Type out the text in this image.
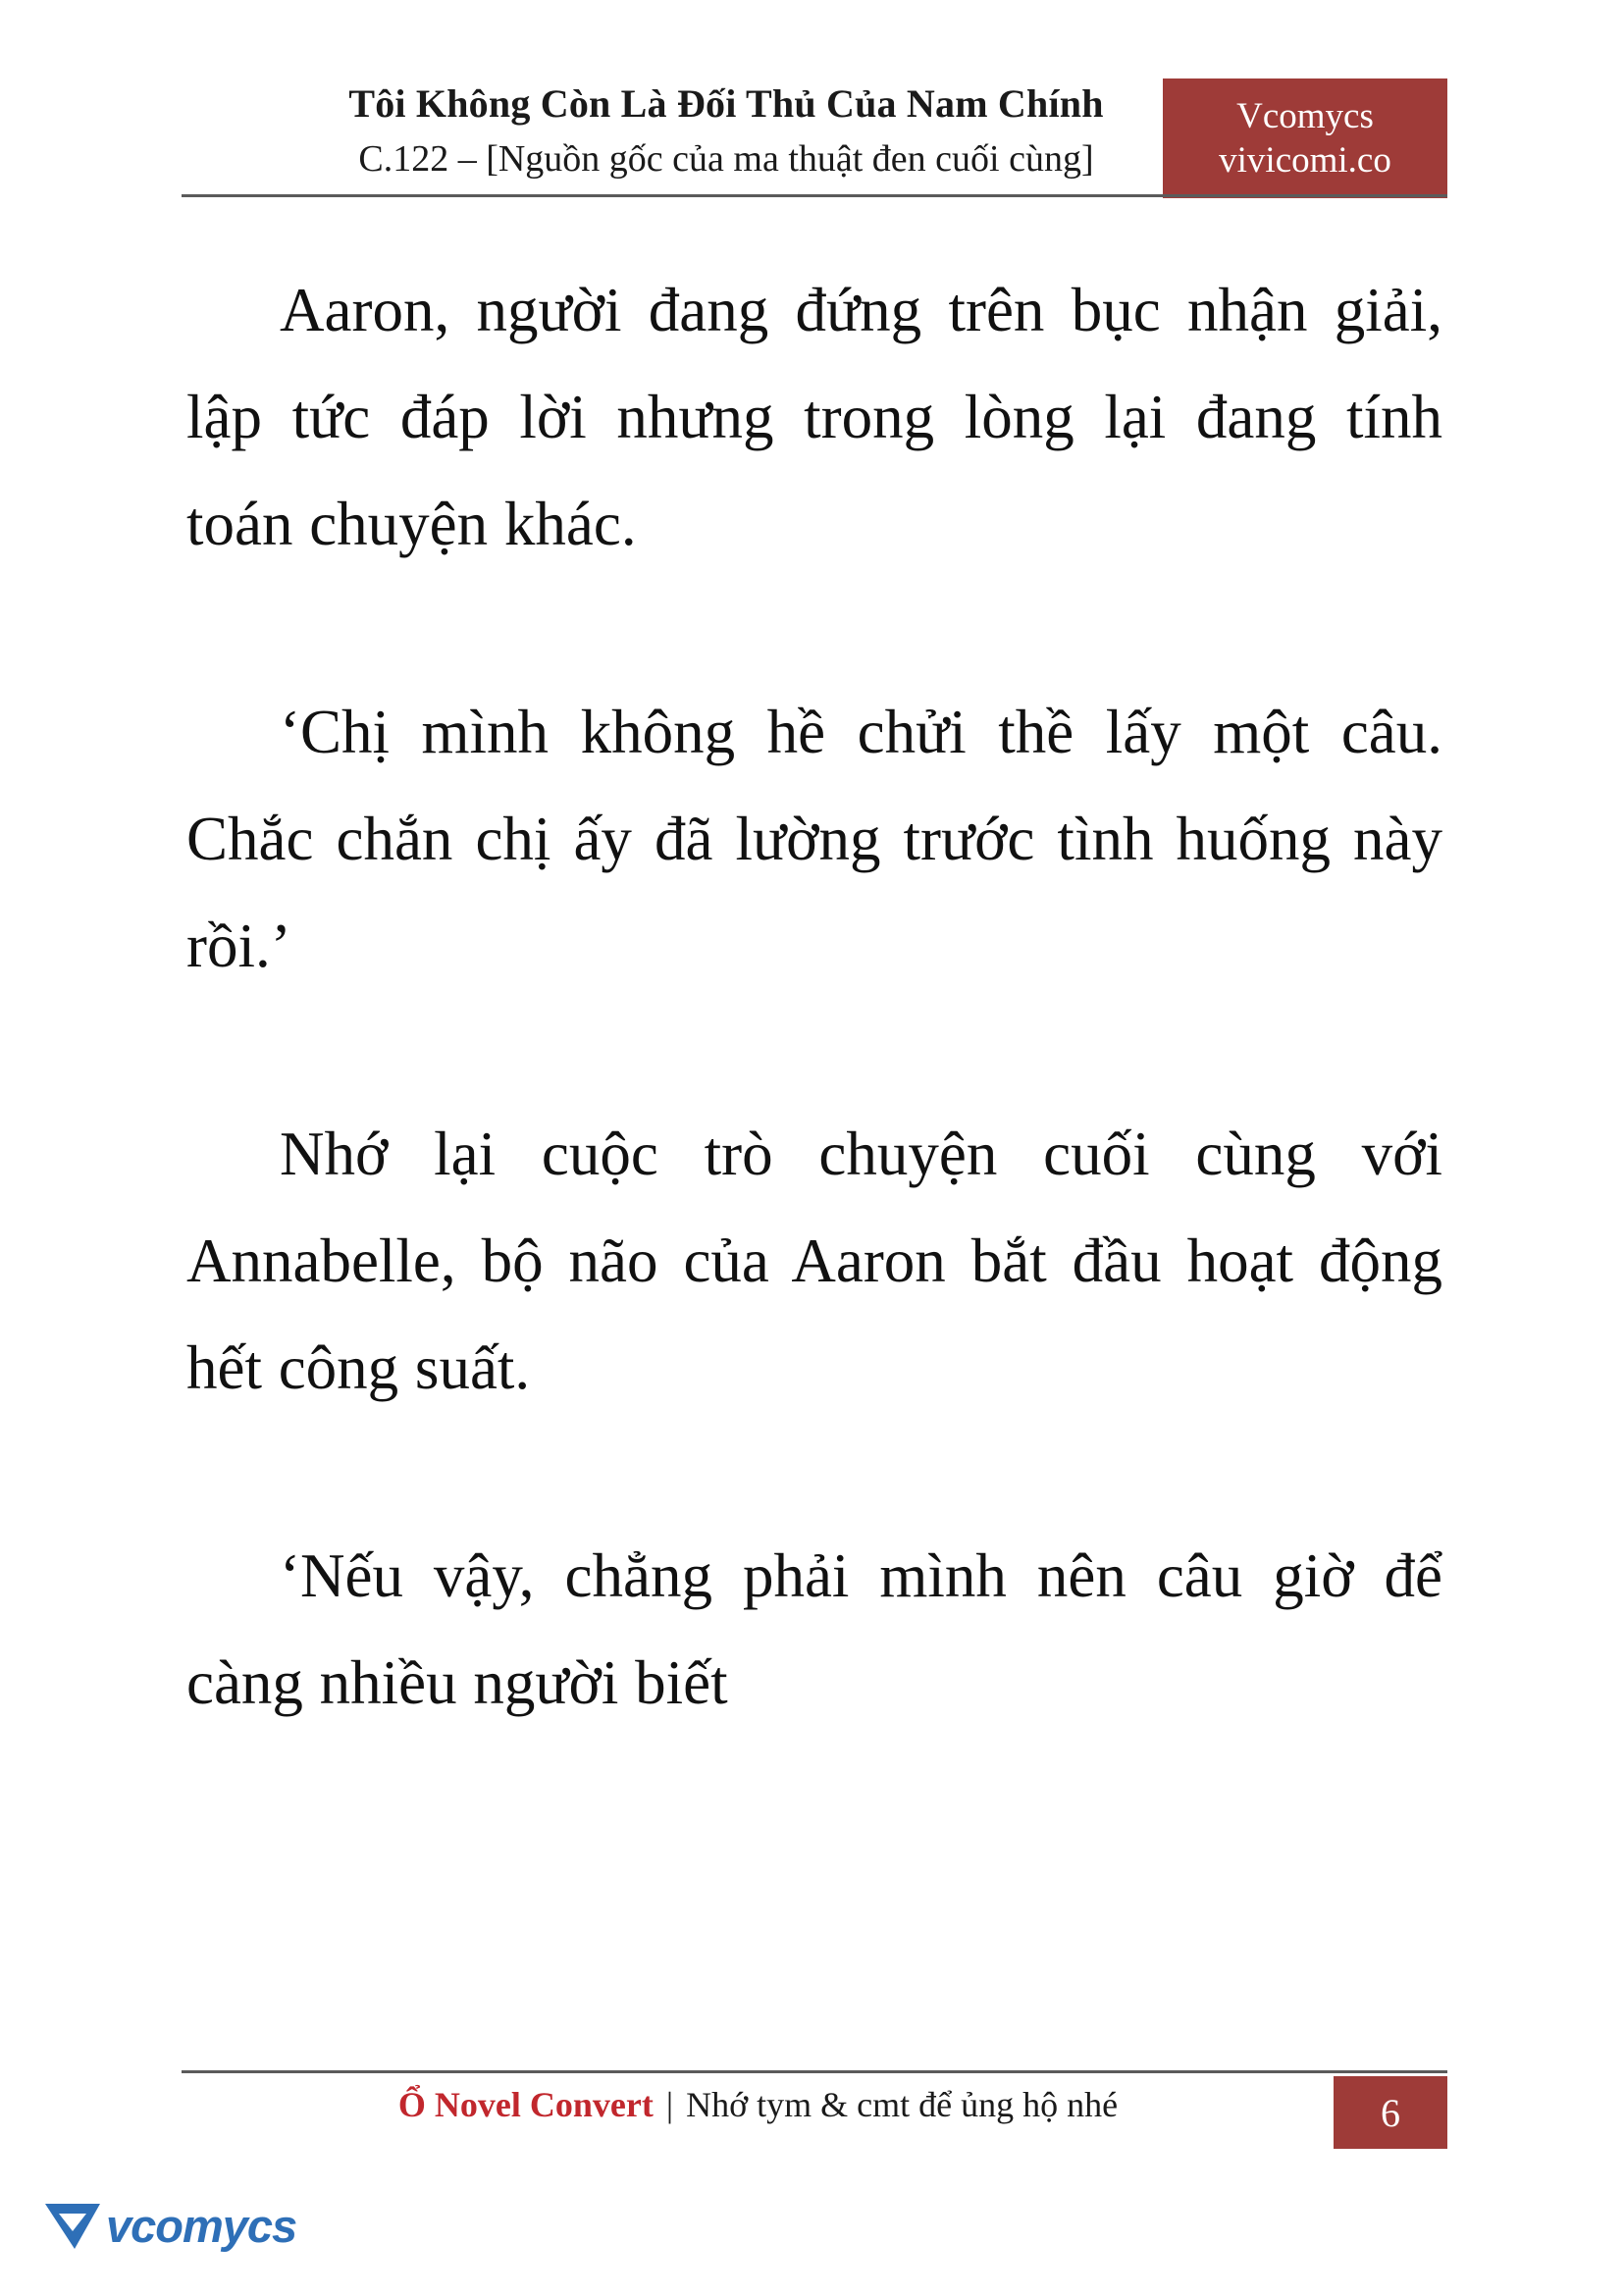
Tôi Không Còn Là Đối Thủ Của Nam Chính
C.122 – [Nguồn gốc của ma thuật đen cuối cùng]
Vcomycs
vivicomi.co

Aaron, người đang đứng trên bục nhận giải, lập tức đáp lời nhưng trong lòng lại đang tính toán chuyện khác.

‘Chị mình không hề chửi thề lấy một câu. Chắc chắn chị ấy đã lường trước tình huống này rồi.’

Nhớ lại cuộc trò chuyện cuối cùng với Annabelle, bộ não của Aaron bắt đầu hoạt động hết công suất.

‘Nếu vậy, chẳng phải mình nên câu giờ để càng nhiều người biết

Ổ Novel Convert | Nhớ tym & cmt để ủng hộ nhé	6
vcomycs
